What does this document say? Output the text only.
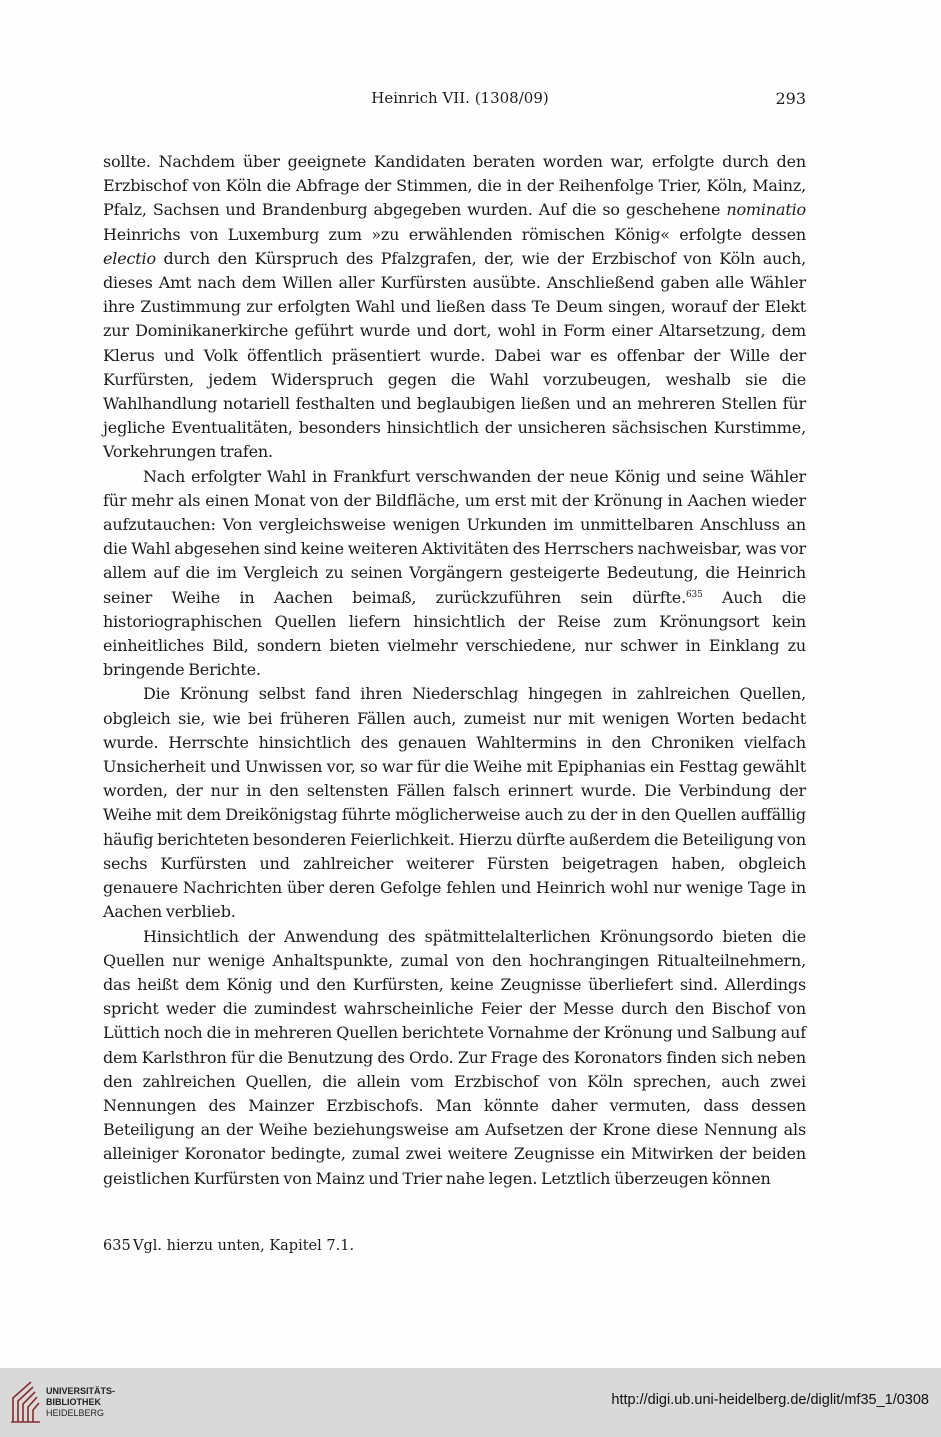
Heinrich VII. (1308/09)	293

sollte. Nachdem über geeignete Kandidaten beraten worden war, erfolgte durch den Erzbischof von Köln die Abfrage der Stimmen, die in der Reihenfolge Trier, Köln, Mainz, Pfalz, Sachsen und Brandenburg abgegeben wurden. Auf die so geschehene nominatio Heinrichs von Luxemburg zum »zu erwählenden römischen König« erfolgte dessen electio durch den Kürspruch des Pfalzgrafen, der, wie der Erzbischof von Köln auch, dieses Amt nach dem Willen aller Kurfürsten ausübte. Anschließend gaben alle Wähler ihre Zustimmung zur erfolgten Wahl und ließen dass Te Deum singen, worauf der Elekt zur Dominikanerkirche geführt wurde und dort, wohl in Form einer Altarsetzung, dem Klerus und Volk öffentlich präsentiert wurde. Dabei war es offenbar der Wille der Kurfürsten, jedem Widerspruch gegen die Wahl vorzubeugen, weshalb sie die Wahlhandlung notariell festhalten und beglaubigen ließen und an mehreren Stellen für jegliche Eventualitäten, besonders hinsichtlich der unsicheren sächsischen Kurstimme, Vorkehrungen trafen.

Nach erfolgter Wahl in Frankfurt verschwanden der neue König und seine Wähler für mehr als einen Monat von der Bildfläche, um erst mit der Krönung in Aachen wieder aufzutauchen: Von vergleichsweise wenigen Urkunden im unmittelbaren Anschluss an die Wahl abgesehen sind keine weiteren Aktivitäten des Herrschers nachweisbar, was vor allem auf die im Vergleich zu seinen Vorgängern gesteigerte Bedeutung, die Heinrich seiner Weihe in Aachen beimaß, zurückzuführen sein dürfte.$^{635}$ Auch die historiographischen Quellen liefern hinsichtlich der Reise zum Krönungsort kein einheitliches Bild, sondern bieten vielmehr verschiedene, nur schwer in Einklang zu bringende Berichte.

Die Krönung selbst fand ihren Niederschlag hingegen in zahlreichen Quellen, obgleich sie, wie bei früheren Fällen auch, zumeist nur mit wenigen Worten bedacht wurde. Herrschte hinsichtlich des genauen Wahltermins in den Chroniken vielfach Unsicherheit und Unwissen vor, so war für die Weihe mit Epiphanias ein Festtag gewählt worden, der nur in den seltensten Fällen falsch erinnert wurde. Die Verbindung der Weihe mit dem Dreikönigstag führte möglicherweise auch zu der in den Quellen auffällig häufig berichteten besonderen Feierlichkeit. Hierzu dürfte außerdem die Beteiligung von sechs Kurfürsten und zahlreicher weiterer Fürsten beigetragen haben, obgleich genauere Nachrichten über deren Gefolge fehlen und Heinrich wohl nur wenige Tage in Aachen verblieb.

Hinsichtlich der Anwendung des spätmittelalterlichen Krönungsordo bieten die Quellen nur wenige Anhaltspunkte, zumal von den hochrangingen Ritualteilnehmern, das heißt dem König und den Kurfürsten, keine Zeugnisse überliefert sind. Allerdings spricht weder die zumindest wahrscheinliche Feier der Messe durch den Bischof von Lüttich noch die in mehreren Quellen berichtete Vornahme der Krönung und Salbung auf dem Karlsthron für die Benutzung des Ordo. Zur Frage des Koronators finden sich neben den zahlreichen Quellen, die allein vom Erzbischof von Köln sprechen, auch zwei Nennungen des Mainzer Erzbischofs. Man könnte daher vermuten, dass dessen Beteiligung an der Weihe beziehungsweise am Aufsetzen der Krone diese Nennung als alleiniger Koronator bedingte, zumal zwei weitere Zeugnisse ein Mitwirken der beiden geistlichen Kurfürsten von Mainz und Trier nahe legen. Letztlich überzeugen können

635 Vgl. hierzu unten, Kapitel 7.1.
UNIVERSITÄTS-
BIBLIOTHEK
HEIDELBERG
http://digi.ub.uni-heidelberg.de/diglit/mf35_1/0308
